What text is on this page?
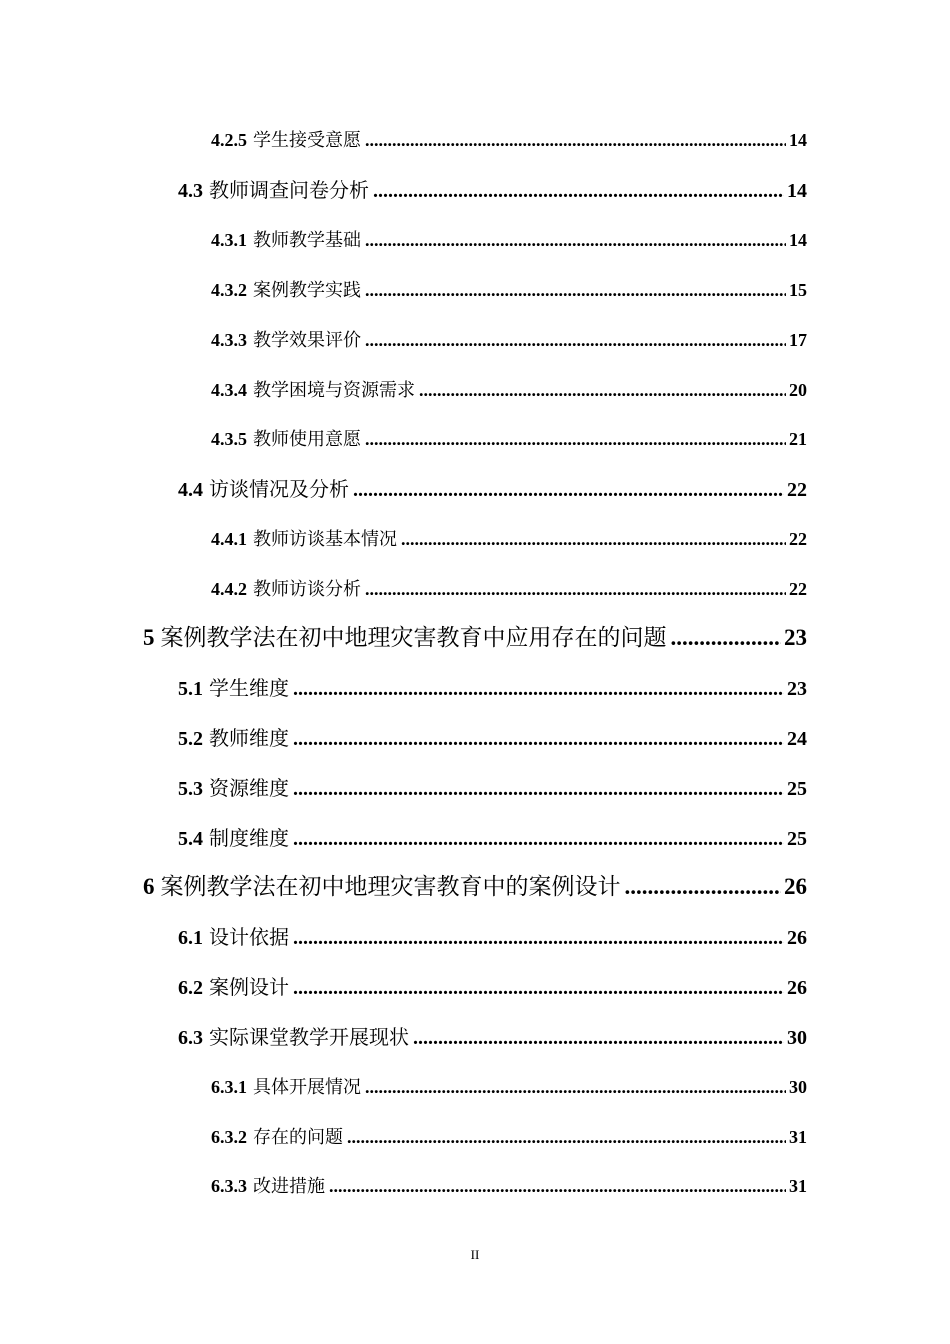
4.2.5 学生接受意愿 .....	14
4.3 教师调查问卷分析 .....	14
4.3.1 教师教学基础 .....	14
4.3.2 案例教学实践 .....	15
4.3.3 教学效果评价 .....	17
4.3.4 教学困境与资源需求 .....	20
4.3.5 教师使用意愿 .....	21
4.4 访谈情况及分析 .....	22
4.4.1 教师访谈基本情况 .....	22
4.4.2 教师访谈分析 .....	22
5 案例教学法在初中地理灾害教育中应用存在的问题 .....	23
5.1 学生维度 .....	23
5.2 教师维度 .....	24
5.3 资源维度 .....	25
5.4 制度维度 .....	25
6 案例教学法在初中地理灾害教育中的案例设计 .....	26
6.1 设计依据 .....	26
6.2 案例设计 .....	26
6.3 实际课堂教学开展现状 .....	30
6.3.1 具体开展情况 .....	30
6.3.2 存在的问题 .....	31
6.3.3 改进措施 .....	31
II
